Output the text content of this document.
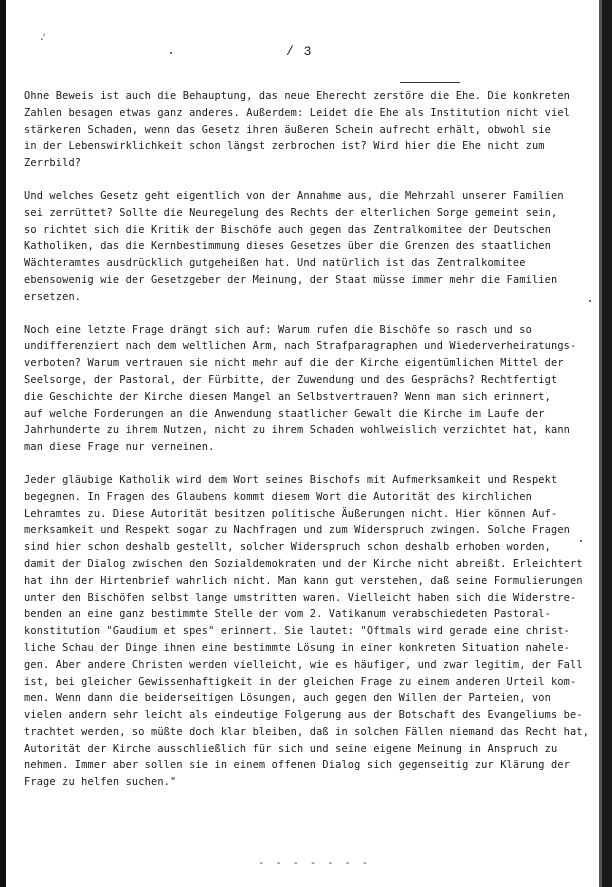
·′
/ 3
Ohne Beweis ist auch die Behauptung, das neue Eherecht zerstöre die Ehe. Die konkreten
Zahlen besagen etwas ganz anderes. Außerdem: Leidet die Ehe als Institution nicht viel
stärkeren Schaden, wenn das Gesetz ihren äußeren Schein aufrecht erhält, obwohl sie
in der Lebenswirklichkeit schon längst zerbrochen ist? Wird hier die Ehe nicht zum
Zerrbild?
Und welches Gesetz geht eigentlich von der Annahme aus, die Mehrzahl unserer Familien
sei zerrüttet? Sollte die Neuregelung des Rechts der elterlichen Sorge gemeint sein,
so richtet sich die Kritik der Bischöfe auch gegen das Zentralkomitee der Deutschen
Katholiken, das die Kernbestimmung dieses Gesetzes über die Grenzen des staatlichen
Wächteramtes ausdrücklich gutgeheißen hat. Und natürlich ist das Zentralkomitee
ebensowenig wie der Gesetzgeber der Meinung, der Staat müsse immer mehr die Familien
ersetzen.
Noch eine letzte Frage drängt sich auf: Warum rufen die Bischöfe so rasch und so
undifferenziert nach dem weltlichen Arm, nach Strafparagraphen und Wiederverheiratungs-
verboten? Warum vertrauen sie nicht mehr auf die der Kirche eigentümlichen Mittel der
Seelsorge, der Pastoral, der Fürbitte, der Zuwendung und des Gesprächs? Rechtfertigt
die Geschichte der Kirche diesen Mangel an Selbstvertrauen? Wenn man sich erinnert,
auf welche Forderungen an die Anwendung staatlicher Gewalt die Kirche im Laufe der
Jahrhunderte zu ihrem Nutzen, nicht zu ihrem Schaden wohlweislich verzichtet hat, kann
man diese Frage nur verneinen.
Jeder gläubige Katholik wird dem Wort seines Bischofs mit Aufmerksamkeit und Respekt
begegnen. In Fragen des Glaubens kommt diesem Wort die Autorität des kirchlichen
Lehramtes zu. Diese Autorität besitzen politische Äußerungen nicht. Hier können Auf-
merksamkeit und Respekt sogar zu Nachfragen und zum Widerspruch zwingen. Solche Fragen
sind hier schon deshalb gestellt, solcher Widerspruch schon deshalb erhoben worden,
damit der Dialog zwischen den Sozialdemokraten und der Kirche nicht abreißt. Erleichtert
hat ihn der Hirtenbrief wahrlich nicht. Man kann gut verstehen, daß seine Formulierungen
unter den Bischöfen selbst lange umstritten waren. Vielleicht haben sich die Widerstre-
benden an eine ganz bestimmte Stelle der vom 2. Vatikanum verabschiedeten Pastoral-
konstitution "Gaudium et spes" erinnert. Sie lautet: "Oftmals wird gerade eine christ-
liche Schau der Dinge ihnen eine bestimmte Lösung in einer konkreten Situation nahele-
gen. Aber andere Christen werden vielleicht, wie es häufiger, und zwar legitim, der Fall
ist, bei gleicher Gewissenhaftigkeit in der gleichen Frage zu einem anderen Urteil kom-
men. Wenn dann die beiderseitigen Lösungen, auch gegen den Willen der Parteien, von
vielen andern sehr leicht als eindeutige Folgerung aus der Botschaft des Evangeliums be-
trachtet werden, so müßte doch klar bleiben, daß in solchen Fällen niemand das Recht hat,
Autorität der Kirche ausschließlich für sich und seine eigene Meinung in Anspruch zu
nehmen. Immer aber sollen sie in einem offenen Dialog sich gegenseitig zur Klärung der
Frage zu helfen suchen."
- - - - - - -
